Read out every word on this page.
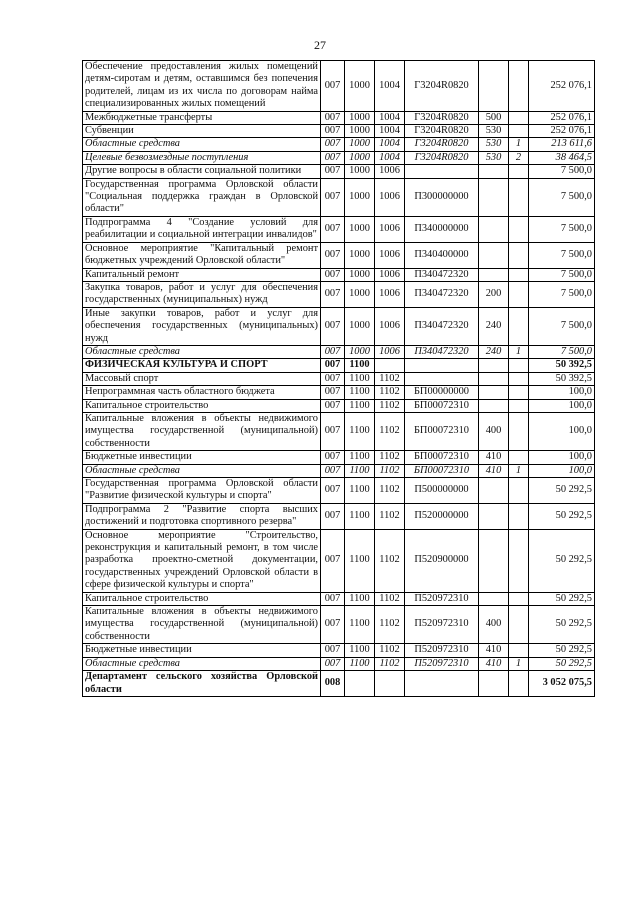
27
Обеспечение предоставления жилых помещений детям-сиротам и детям, оставшимся без попечения родителей, лицам из их числа по договорам найма специализированных жилых помещений	007	1000	1004	Г3204R0820			252 076,1
Межбюджетные трансферты	007	1000	1004	Г3204R0820	500		252 076,1
Субвенции	007	1000	1004	Г3204R0820	530		252 076,1
Областные средства	007	1000	1004	Г3204R0820	530	1	213 611,6
Целевые безвозмездные поступления	007	1000	1004	Г3204R0820	530	2	38 464,5
Другие вопросы в области социальной политики	007	1000	1006				7 500,0
Государственная программа Орловской области "Социальная поддержка граждан в Орловской области"	007	1000	1006	П300000000			7 500,0
Подпрограмма 4 "Создание условий для реабилитации и социальной интеграции инвалидов"	007	1000	1006	П340000000			7 500,0
Основное мероприятие "Капитальный ремонт бюджетных учреждений Орловской области"	007	1000	1006	П340400000			7 500,0
Капитальный ремонт	007	1000	1006	П340472320			7 500,0
Закупка товаров, работ и услуг для обеспечения государственных (муниципальных) нужд	007	1000	1006	П340472320	200		7 500,0
Иные закупки товаров, работ и услуг для обеспечения государственных (муниципальных) нужд	007	1000	1006	П340472320	240		7 500,0
Областные средства	007	1000	1006	П340472320	240	1	7 500,0
ФИЗИЧЕСКАЯ КУЛЬТУРА И СПОРТ	007	1100					50 392,5
Массовый спорт	007	1100	1102				50 392,5
Непрограммная часть областного бюджета	007	1100	1102	БП00000000			100,0
Капитальное строительство	007	1100	1102	БП00072310			100,0
Капитальные вложения в объекты недвижимого имущества государственной (муниципальной) собственности	007	1100	1102	БП00072310	400		100,0
Бюджетные инвестиции	007	1100	1102	БП00072310	410		100,0
Областные средства	007	1100	1102	БП00072310	410	1	100,0
Государственная программа Орловской области "Развитие физической культуры и спорта"	007	1100	1102	П500000000			50 292,5
Подпрограмма 2 "Развитие спорта высших достижений и подготовка спортивного резерва"	007	1100	1102	П520000000			50 292,5
Основное мероприятие "Строительство, реконструкция и капитальный ремонт, в том числе разработка проектно-сметной документации, государственных учреждений Орловской области в сфере физической культуры и спорта"	007	1100	1102	П520900000			50 292,5
Капитальное строительство	007	1100	1102	П520972310			50 292,5
Капитальные вложения в объекты недвижимого имущества государственной (муниципальной) собственности	007	1100	1102	П520972310	400		50 292,5
Бюджетные инвестиции	007	1100	1102	П520972310	410		50 292,5
Областные средства	007	1100	1102	П520972310	410	1	50 292,5
Департамент сельского хозяйства Орловской области	008						3 052 075,5
